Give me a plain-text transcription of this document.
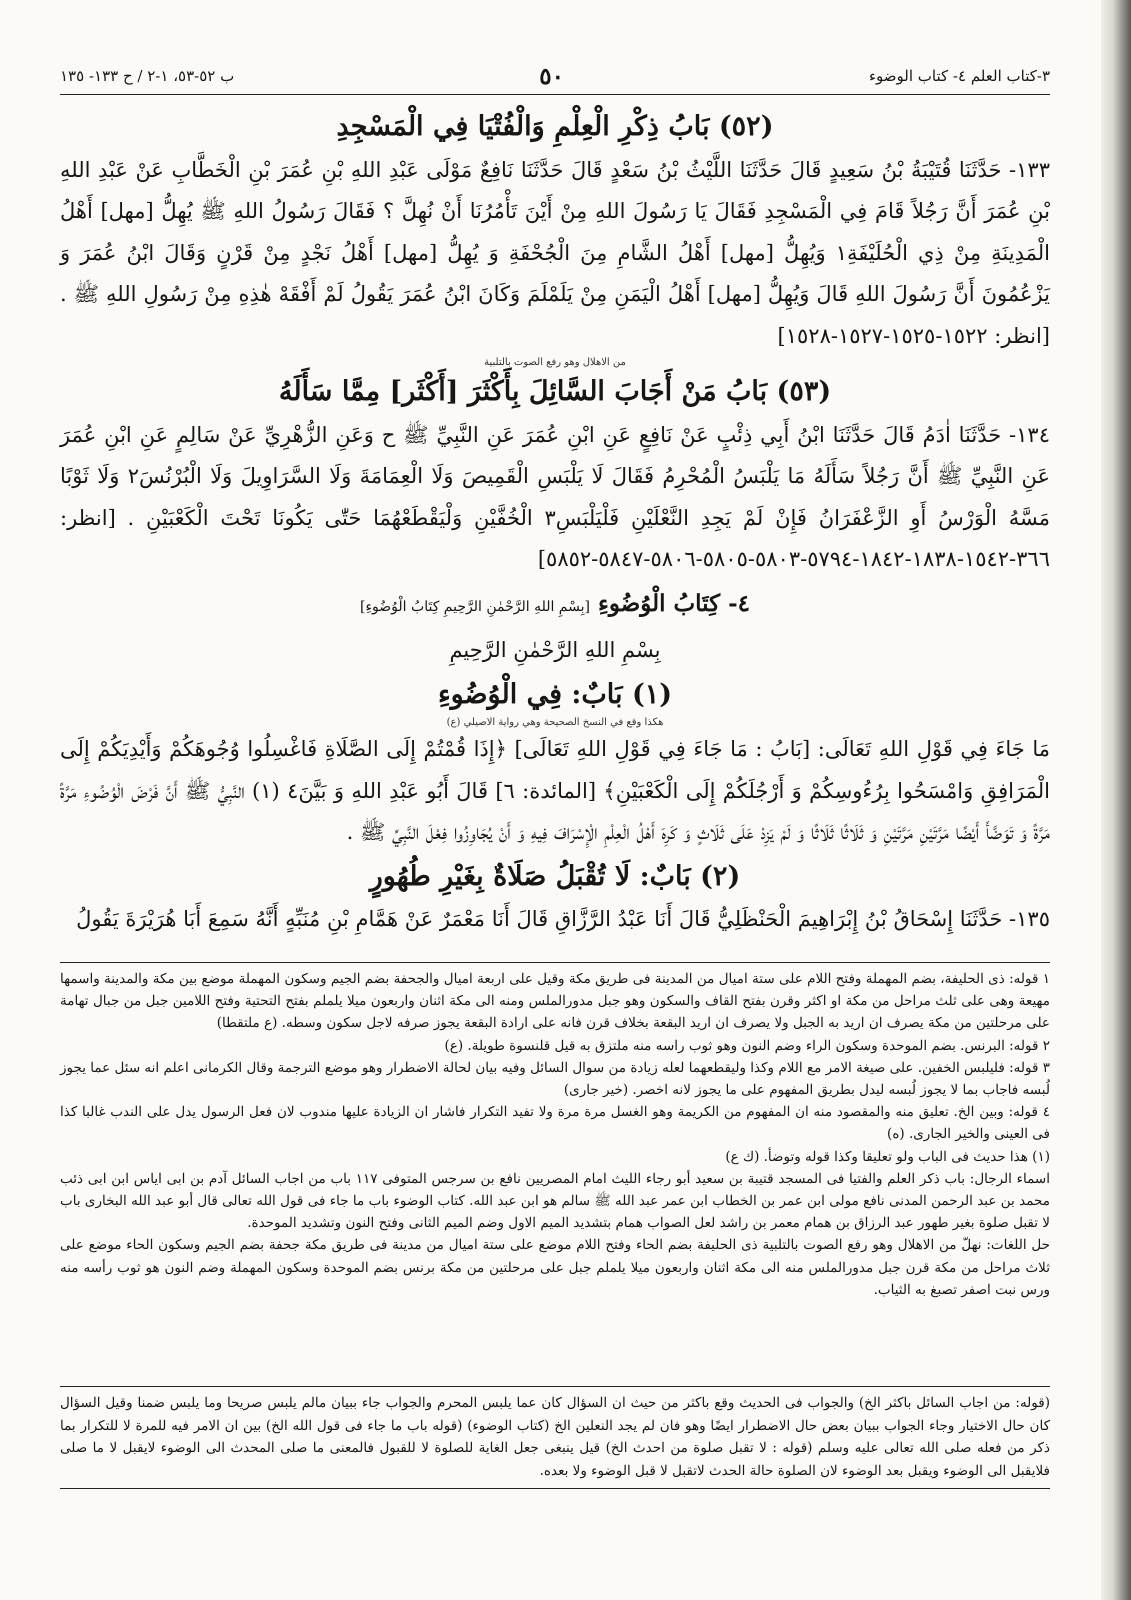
٣-كتاب العلم ٤- كتاب الوضوء
٥٠
ب ٥٢-٥٣، ١-٢ / ح ١٣٣- ١٣٥
(٥٢) بَابُ ذِكْرِ الْعِلْمِ وَالْفُتْيَا فِي الْمَسْجِدِ

١٣٣- حَدَّثَنَا قُتَيْبَةُ بْنُ سَعِيدٍ قَالَ حَدَّثَنَا اللَّيْثُ بْنُ سَعْدٍ قَالَ حَدَّثَنَا نَافِعٌ مَوْلَى عَبْدِ اللهِ بْنِ عُمَرَ بْنِ الْخَطَّابِ عَنْ عَبْدِ اللهِ بْنِ عُمَرَ أَنَّ رَجُلاً قَامَ فِي الْمَسْجِدِ فَقَالَ يَا رَسُولَ اللهِ مِنْ أَيْنَ تَأْمُرُنَا أَنْ نُهِلَّ ؟ فَقَالَ رَسُولُ اللهِ ﷺ يُهِلُّ [مهل] أَهْلُ الْمَدِينَةِ مِنْ ذِي الْحُلَيْفَةِ١ وَيُهِلُّ [مهل] أَهْلُ الشَّامِ مِنَ الْجُحْفَةِ وَ يُهِلُّ [مهل] أَهْلُ نَجْدٍ مِنْ قَرْنٍ وَقَالَ ابْنُ عُمَرَ وَ يَزْعُمُونَ أَنَّ رَسُولَ اللهِ قَالَ وَيُهِلُّ [مهل] أَهْلُ الْيَمَنِ مِنْ يَلَمْلَمَ وَكَانَ ابْنُ عُمَرَ يَقُولُ لَمْ أَفْقَهْ هٰذِهِ مِنْ رَسُولِ اللهِ ﷺ . [انظر: ١٥٢٢-١٥٢٥-١٥٢٧-١٥٢٨]

من الاهلال وهو رفع الصوت بالتلبية
(٥٣) بَابُ مَنْ أَجَابَ السَّائِلَ بِأَكْثَرَ [أَكْثَر] مِمَّا سَأَلَهُ

١٣٤- حَدَّثَنَا اٰدَمُ قَالَ حَدَّثَنَا ابْنُ أَبِي ذِئْبٍ عَنْ نَافِعٍ عَنِ ابْنِ عُمَرَ عَنِ النَّبِيِّ ﷺ ح وَعَنِ الزُّهْرِيِّ عَنْ سَالِمٍ عَنِ ابْنِ عُمَرَ عَنِ النَّبِيِّ ﷺ أَنَّ رَجُلاً سَأَلَهُ مَا يَلْبَسُ الْمُحْرِمُ فَقَالَ لَا يَلْبَسِ الْقَمِيصَ وَلَا الْعِمَامَةَ وَلَا السَّرَاوِيلَ وَلَا الْبُرْنُسَ٢ وَلَا ثَوْبًا مَسَّهُ الْوَرْسُ أَوِ الزَّعْفَرَانُ فَإِنْ لَمْ يَجِدِ النَّعْلَيْنِ فَلْيَلْبَسِ٣ الْخُفَّيْنِ وَلْيَقْطَعْهُمَا حَتّٰى يَكُونَا تَحْتَ الْكَعْبَيْنِ . [انظر: ٣٦٦-١٥٤٢-١٨٣٨-١٨٤٢-٥٧٩٤-٥٨٠٣-٥٨٠٥-٥٨٠٦-٥٨٤٧-٥٨٥٢]

٤- كِتَابُ الْوُضُوءِ [بِسْمِ اللهِ الرَّحْمٰنِ الرَّحِيمِ كِتَابُ الْوُضُوءِ]
بِسْمِ اللهِ الرَّحْمٰنِ الرَّحِيمِ
(١) بَابٌ: فِي الْوُضُوءِ
هكذا وقع في النسخ الصحيحة وهي رواية الاصيلي (ع)

مَا جَاءَ فِي قَوْلِ اللهِ تَعَالَى: [بَابُ : مَا جَاءَ فِي قَوْلِ اللهِ تَعَالَى] ﴿إِذَا قُمْتُمْ إِلَى الصَّلَاةِ فَاغْسِلُوا وُجُوهَكُمْ وَأَيْدِيَكُمْ إِلَى الْمَرَافِقِ وَامْسَحُوا بِرُءُوسِكُمْ وَ أَرْجُلَكُمْ إِلَى الْكَعْبَيْنِ﴾ [المائدة: ٦] قَالَ أَبُو عَبْدِ اللهِ وَ بَيَّنَ٤ (١) النَّبِيُّ ﷺ أَنَّ فَرْضَ الْوُضُوءِ مَرَّةً مَرَّةً وَ تَوَضَّأَ أَيْضًا مَرَّتَيْنِ مَرَّتَيْنِ وَ ثَلَاثًا ثَلَاثًا وَ لَمْ يَزِدْ عَلَى ثَلَاثٍ وَ كَرِهَ أَهْلُ الْعِلْمِ الْإِسْرَافَ فِيهِ وَ أَنْ يُجَاوِزُوا فِعْلَ النَّبِيِّ ﷺ .

(٢) بَابٌ: لَا تُقْبَلُ صَلَاةٌ بِغَيْرِ طُهُورٍ

١٣٥- حَدَّثَنَا إِسْحَاقُ بْنُ إِبْرَاهِيمَ الْحَنْظَلِيُّ قَالَ أَنَا عَبْدُ الرَّزَّاقِ قَالَ أَنَا مَعْمَرٌ عَنْ هَمَّامِ بْنِ مُنَبِّهٍ أَنَّهُ سَمِعَ أَبَا هُرَيْرَةَ يَقُولُ

١ قوله: ذى الحليفة، بضم المهملة وفتح اللام على ستة اميال من المدينة فى طريق مكة وقيل على اربعة اميال والجحفة بضم الجيم وسكون المهملة موضع بين مكة والمدينة واسمها مهيعة وهى على ثلث مراحل من مكة او اكثر وقرن بفتح القاف والسكون وهو جبل مدورالملس ومنه الى مكة اثنان واربعون ميلا يلملم بفتح التحتية وفتح اللامين جبل من جبال تهامة على مرحلتين من مكة يصرف ان اريد به الجبل ولا يصرف ان اريد البقعة بخلاف قرن فانه على ارادة البقعة يجوز صرفه لاجل سكون وسطه. (ع ملتقطا)

٢ قوله: البرنس. بضم الموحدة وسكون الراء وضم النون وهو ثوب راسه منه ملتزق به قيل قلنسوة طويلة. (ع)

٣ قوله: فليلبس الخفين. على صيغة الامر مع اللام وكذا وليقطعهما لعله زيادة من سوال السائل وفيه بيان لحالة الاضطرار وهو موضع الترجمة وقال الكرمانى اعلم انه سئل عما يجوز لُبسه فاجاب بما لا يجوز لُبسه ليدل بطريق المفهوم على ما يجوز لانه اخصر. (خير جارى)

٤ قوله: وبين الخ. تعليق منه والمقصود منه ان المفهوم من الكريمة وهو الغسل مرة مرة ولا تفيد التكرار فاشار ان الزيادة عليها مندوب لان فعل الرسول يدل على الندب غالبا كذا فى العينى والخير الجارى. (ه)

(١) هذا حديث فى الباب ولو تعليقا وكذا قوله وتوضأ. (ك ع)

اسماء الرجال: باب ذكر العلم والفتيا فى المسجد قتيبة بن سعيد أبو رجاء الليث امام المصريين نافع بن سرجس المتوفى ١١٧ باب من اجاب السائل آدم بن ابى اياس ابن ابى ذئب محمد بن عبد الرحمن المدنى نافع مولى ابن عمر بن الخطاب ابن عمر عبد الله ﷺ سالم هو ابن عبد الله. كتاب الوضوء باب ما جاء فى قول الله تعالى قال أبو عبد الله البخارى باب لا تقبل صلوة بغير طهور عبد الرزاق بن همام معمر بن راشد لعل الصواب همام بتشديد الميم الاول وضم الميم الثانى وفتح النون وتشديد الموحدة.

حل اللغات: نهلّ من الاهلال وهو رفع الصوت بالتلبية ذى الحليفة بضم الحاء وفتح اللام موضع على ستة اميال من مدينة فى طريق مكة جحفة بضم الجيم وسكون الحاء موضع على ثلاث مراحل من مكة قرن جبل مدورالملس منه الى مكة اثنان واربعون ميلا يلملم جبل على مرحلتين من مكة برنس بضم الموحدة وسكون المهملة وضم النون هو ثوب رأسه منه ورس نبت اصفر تصبغ به الثياب.

(قوله: من اجاب السائل باكثر الخ) والجواب فى الحديث وقع باكثر من حيث ان السؤال كان عما يلبس المحرم والجواب جاء ببيان مالم يلبس صريحا وما يلبس ضمنا وقيل السؤال كان حال الاختيار وجاء الجواب ببيان بعض حال الاضطرار ايضًا وهو فان لم يجد النعلين الخ (كتاب الوضوء) (قوله باب ما جاء فى قول الله الخ) بين ان الامر فيه للمرة لا للتكرار بما ذكر من فعله صلى الله تعالى عليه وسلم (قوله : لا تقبل صلوة من احدث الخ) قيل ينبغى جعل الغاية للصلوة لا للقبول فالمعنى ما صلى المحدث الى الوضوء لايقبل لا ما صلى فلايقبل الى الوضوء ويقبل بعد الوضوء لان الصلوة حالة الحدث لاتقبل لا قبل الوضوء ولا بعده.
